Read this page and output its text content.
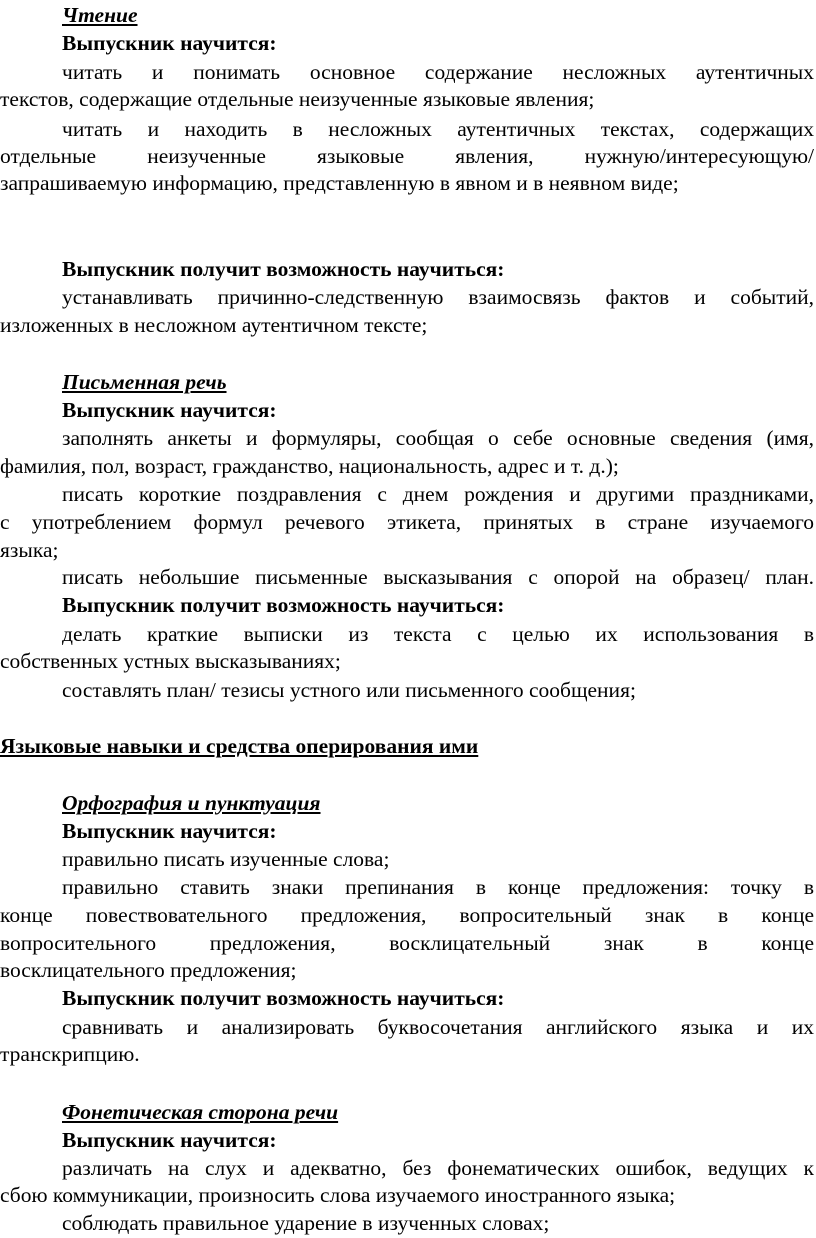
Чтение
Выпускник научится:
читать и понимать основное содержание несложных аутентичных
текстов, содержащие отдельные неизученные языковые явления;
читать и находить в несложных аутентичных текстах, содержащих
отдельные неизученные языковые явления, нужную/интересующую/
запрашиваемую информацию, представленную в явном и в неявном виде;
Выпускник получит возможность научиться:
устанавливать причинно-следственную взаимосвязь фактов и событий,
изложенных в несложном аутентичном тексте;
Письменная речь
Выпускник научится:
заполнять анкеты и формуляры, сообщая о себе основные сведения (имя,
фамилия, пол, возраст, гражданство, национальность, адрес и т. д.);
писать короткие поздравления с днем рождения и другими праздниками,
с употреблением формул речевого этикета, принятых в стране изучаемого
языка;
писать небольшие письменные высказывания с опорой на образец/ план.
Выпускник получит возможность научиться:
делать краткие выписки из текста с целью их использования в
собственных устных высказываниях;
составлять план/ тезисы устного или письменного сообщения;
Языковые навыки и средства оперирования ими
Орфография и пунктуация
Выпускник научится:
правильно писать изученные слова;
правильно ставить знаки препинания в конце предложения: точку в
конце повествовательного предложения, вопросительный знак в конце
вопросительного предложения, восклицательный знак в конце
восклицательного предложения;
Выпускник получит возможность научиться:
сравнивать и анализировать буквосочетания английского языка и их
транскрипцию.
Фонетическая сторона речи
Выпускник научится:
различать на слух и адекватно, без фонематических ошибок, ведущих к
сбою коммуникации, произносить слова изучаемого иностранного языка;
соблюдать правильное ударение в изученных словах;
